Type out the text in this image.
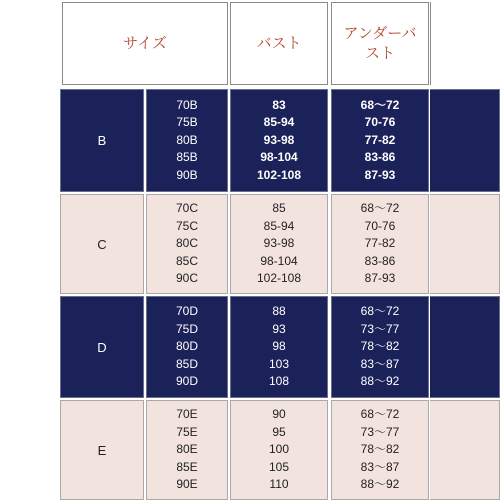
サイズ	バスト
アンダーバスト
B
70B
75B
80B
85B
90B
83
85-94
93-98
98-104
102-108
68～72
70-76
77-82
83-86
87-93
C
70C
75C
80C
85C
90C
85
85-94
93-98
98-104
102-108
68～72
70-76
77-82
83-86
87-93
D
70D
75D
80D
85D
90D
88
93
98
103
108
68～72
73～77
78～82
83～87
88～92
E
70E
75E
80E
85E
90E
90
95
100
105
110
68～72
73～77
78～82
83～87
88～92
